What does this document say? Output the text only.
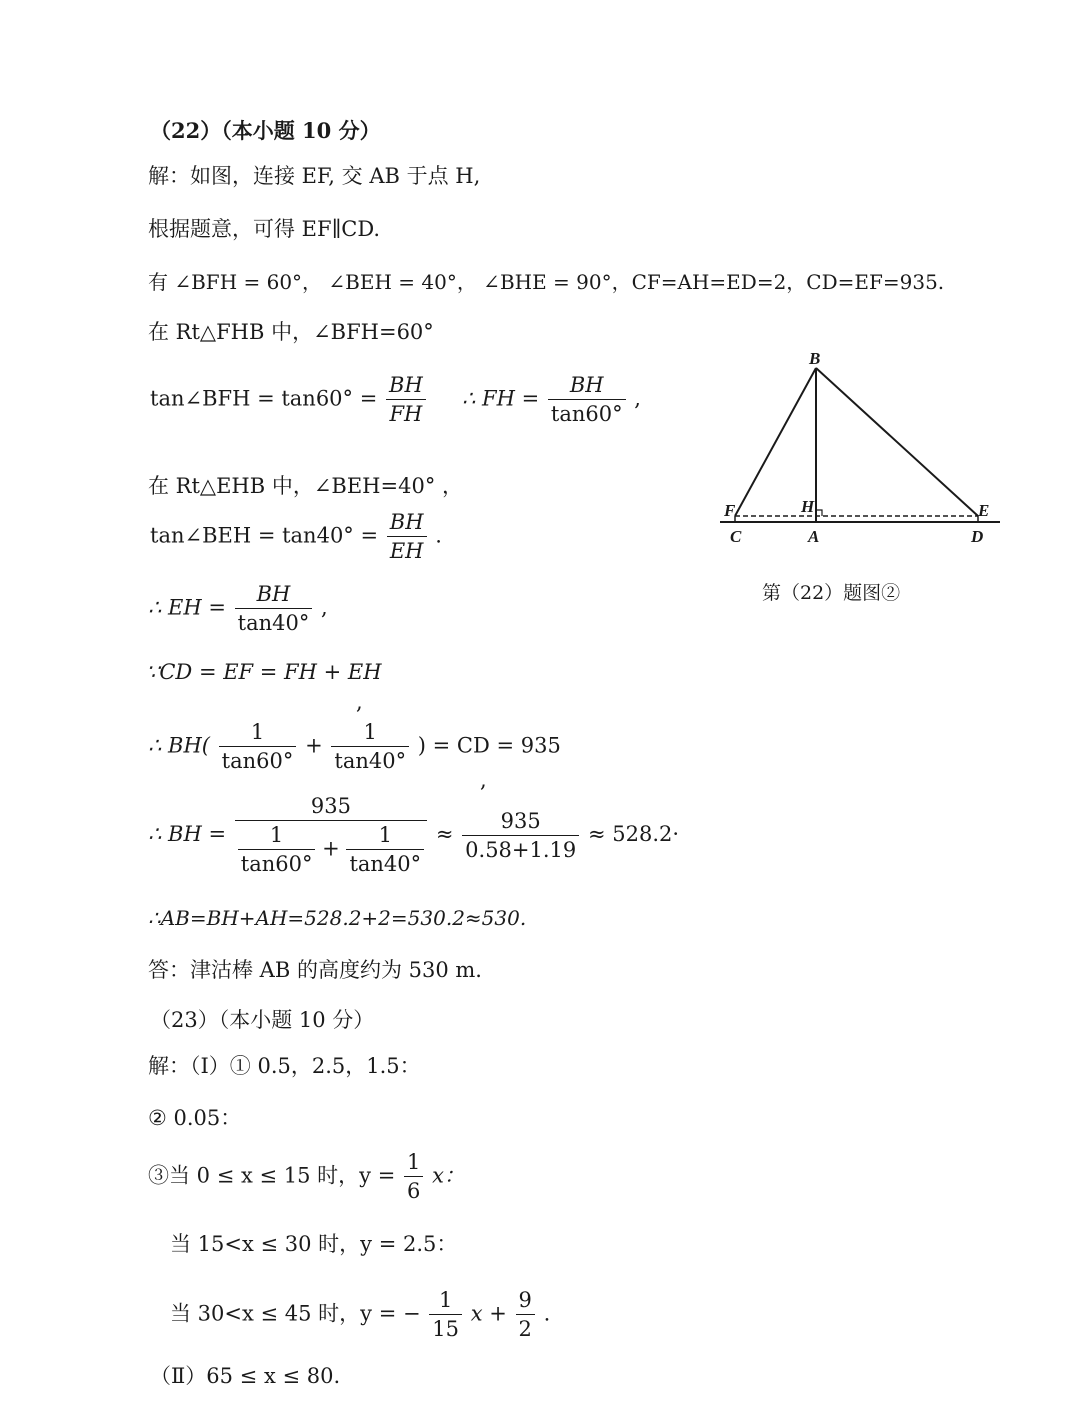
（22）（本小题 10 分）
解：如图，连接 EF, 交 AB 于点 H,
根据题意，可得 EF∥CD.
有 ∠BFH = 60°， ∠BEH = 40°， ∠BHE = 90°，CF=AH=ED=2，CD=EF=935.
在 Rt△FHB 中，∠BFH=60°
tan∠BFH = $\tan 60^\circ = \frac{BH}{FH}$ ∴ FH = $\frac{BH}{\tan 60^\circ}$ ,
在 Rt△EHB 中，∠BEH=40° ，
tan∠BEH = $\tan 40^\circ = \frac{BH}{EH}$ .
∴ EH = $\frac{BH}{\tan 40^\circ}$ ,
∵CD = EF = FH + EH
,
∴ $BH( \frac{1}{\tan 60^\circ} + \frac{1}{\tan 40^\circ}$ ) = CD = 935
,
∴ BH =
935
$\frac{1}{\tan 60^\circ} + \frac{1}{\tan 40^\circ} \approx \frac{935}{0.58+1.19} \approx 528.2\cdot$
∴AB=BH+AH=528.2+2=530.2≈530.
答：津沽棒 AB 的高度约为 530 m.
（23）（本小题 10 分）
解：（Ⅰ）① 0.5，2.5，1.5：
② 0.05：
③当 0 ≤ x ≤ 15 时，$y = \frac{1}{6}$ x：
当 15<x ≤ 30 时，y = 2.5：
当 30<x ≤ 45 时，y = − $\frac{1}{15}$ $x + \frac{9}{2}$ .
（Ⅱ）65 ≤ x ≤ 80.
B
F	H	E
C	A	D
第（22）题图②
